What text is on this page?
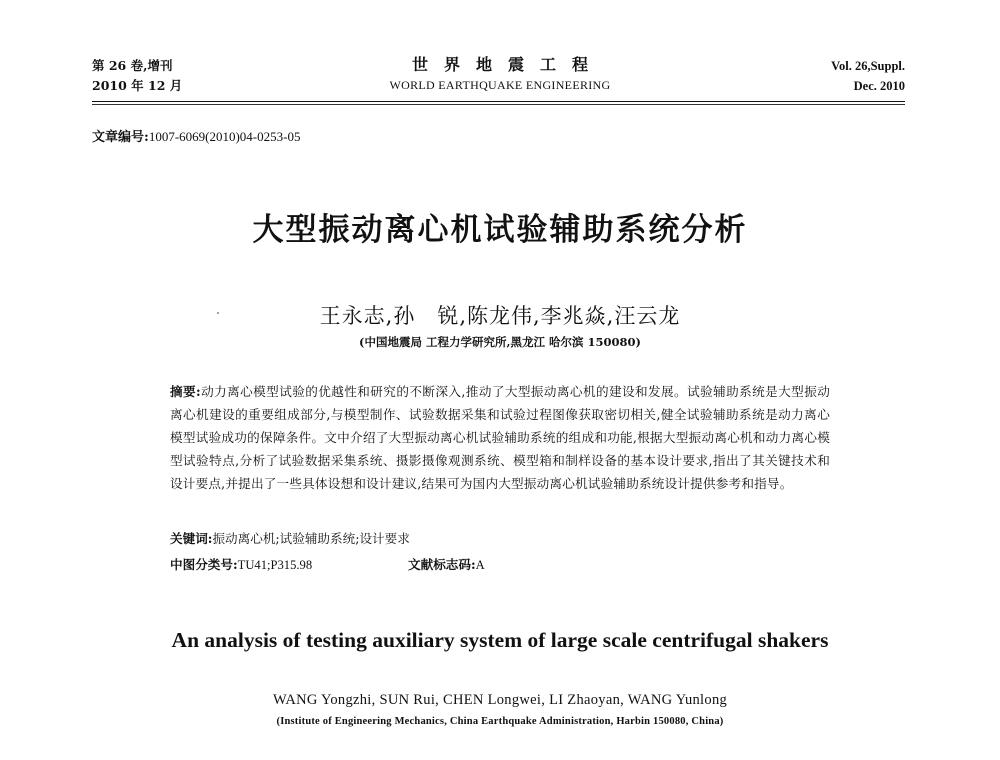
第 26 卷,增刊
2010 年 12 月
世界地震工程
WORLD EARTHQUAKE ENGINEERING
Vol. 26,Suppl.
Dec. 2010
文章编号:1007-6069(2010)04-0253-05
大型振动离心机试验辅助系统分析
王永志,孙　锐,陈龙伟,李兆焱,汪云龙
(中国地震局 工程力学研究所,黑龙江 哈尔滨 150080)
摘要:动力离心模型试验的优越性和研究的不断深入,推动了大型振动离心机的建设和发展。试验辅助系统是大型振动离心机建设的重要组成部分,与模型制作、试验数据采集和试验过程图像获取密切相关,健全试验辅助系统是动力离心模型试验成功的保障条件。文中介绍了大型振动离心机试验辅助系统的组成和功能,根据大型振动离心机和动力离心模型试验特点,分析了试验数据采集系统、摄影摄像观测系统、模型箱和制样设备的基本设计要求,指出了其关键技术和设计要点,并提出了一些具体设想和设计建议,结果可为国内大型振动离心机试验辅助系统设计提供参考和指导。
关键词:振动离心机;试验辅助系统;设计要求
中图分类号:TU41;P315.98	文献标志码:A
An analysis of testing auxiliary system of large scale centrifugal shakers
WANG Yongzhi, SUN Rui, CHEN Longwei, LI Zhaoyan, WANG Yunlong
(Institute of Engineering Mechanics, China Earthquake Administration, Harbin 150080, China)
